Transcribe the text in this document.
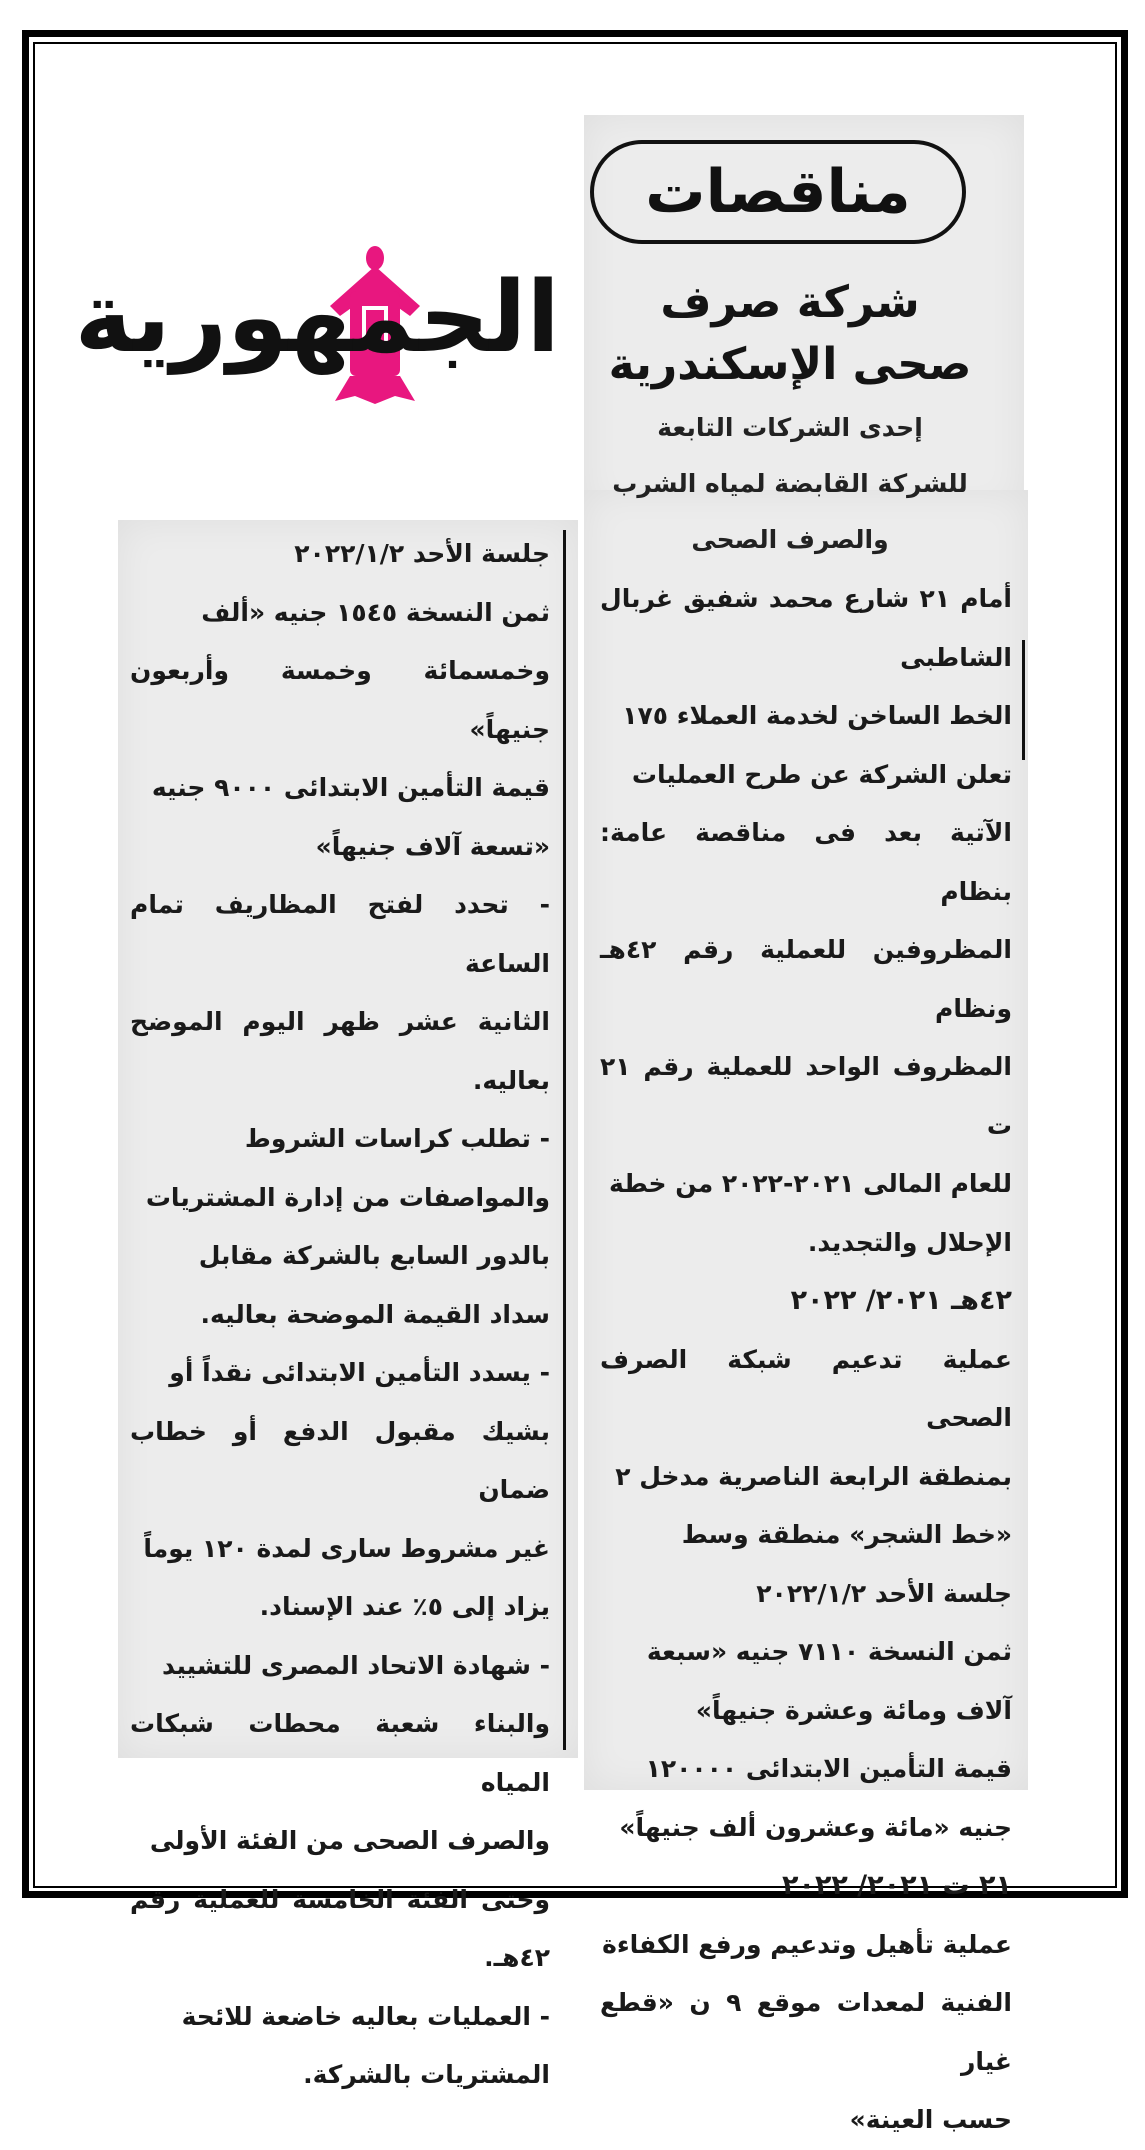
الجمهورية
مناقصات
شركة صرف
صحى الإسكندرية
إحدى الشركات التابعة
للشركة القابضة لمياه الشرب
والصرف الصحى

أمام ٢١ شارع محمد شفيق غربال الشاطبى

الخط الساخن لخدمة العملاء ١٧٥

تعلن الشركة عن طرح العمليات

الآتية بعد فى مناقصة عامة: بنظام

المظروفين للعملية رقم ٤٢هـ ونظام

المظروف الواحد للعملية رقم ٢١ ت

للعام المالى ٢٠٢١-٢٠٢٢ من خطة

الإحلال والتجديد.

٤٢هـ ٢٠٢١/ ٢٠٢٢

عملية تدعيم شبكة الصرف الصحى

بمنطقة الرابعة الناصرية مدخل ٢

«خط الشجر» منطقة وسط

جلسة الأحد ٢٠٢٢/١/٢

ثمن النسخة ٧١١٠ جنيه «سبعة

آلاف ومائة وعشرة جنيهاً»

قيمة التأمين الابتدائى ١٢٠٠٠٠

جنيه «مائة وعشرون ألف جنيهاً»

٢١ ت ٢٠٢١/ ٢٠٢٢

عملية تأهيل وتدعيم ورفع الكفاءة

الفنية لمعدات موقع ٩ ن «قطع غيار

حسب العينة»

جلسة الأحد ٢٠٢٢/١/٢

ثمن النسخة ١٥٤٥ جنيه «ألف

وخمسمائة وخمسة وأربعون جنيهاً»

قيمة التأمين الابتدائى ٩٠٠٠ جنيه

«تسعة آلاف جنيهاً»

- تحدد لفتح المظاريف تمام الساعة

الثانية عشر ظهر اليوم الموضح بعاليه.

- تطلب كراسات الشروط

والمواصفات من إدارة المشتريات

بالدور السابع بالشركة مقابل

سداد القيمة الموضحة بعاليه.

- يسدد التأمين الابتدائى نقداً أو

بشيك مقبول الدفع أو خطاب ضمان

غير مشروط سارى لمدة ١٢٠ يوماً

يزاد إلى ٥٪ عند الإسناد.

- شهادة الاتحاد المصرى للتشييد

والبناء شعبة محطات شبكات المياه

والصرف الصحى من الفئة الأولى

وحتى الفئة الخامسة للعملية رقم ٤٢هـ.

- العمليات بعاليه خاضعة للائحة

المشتريات بالشركة.
